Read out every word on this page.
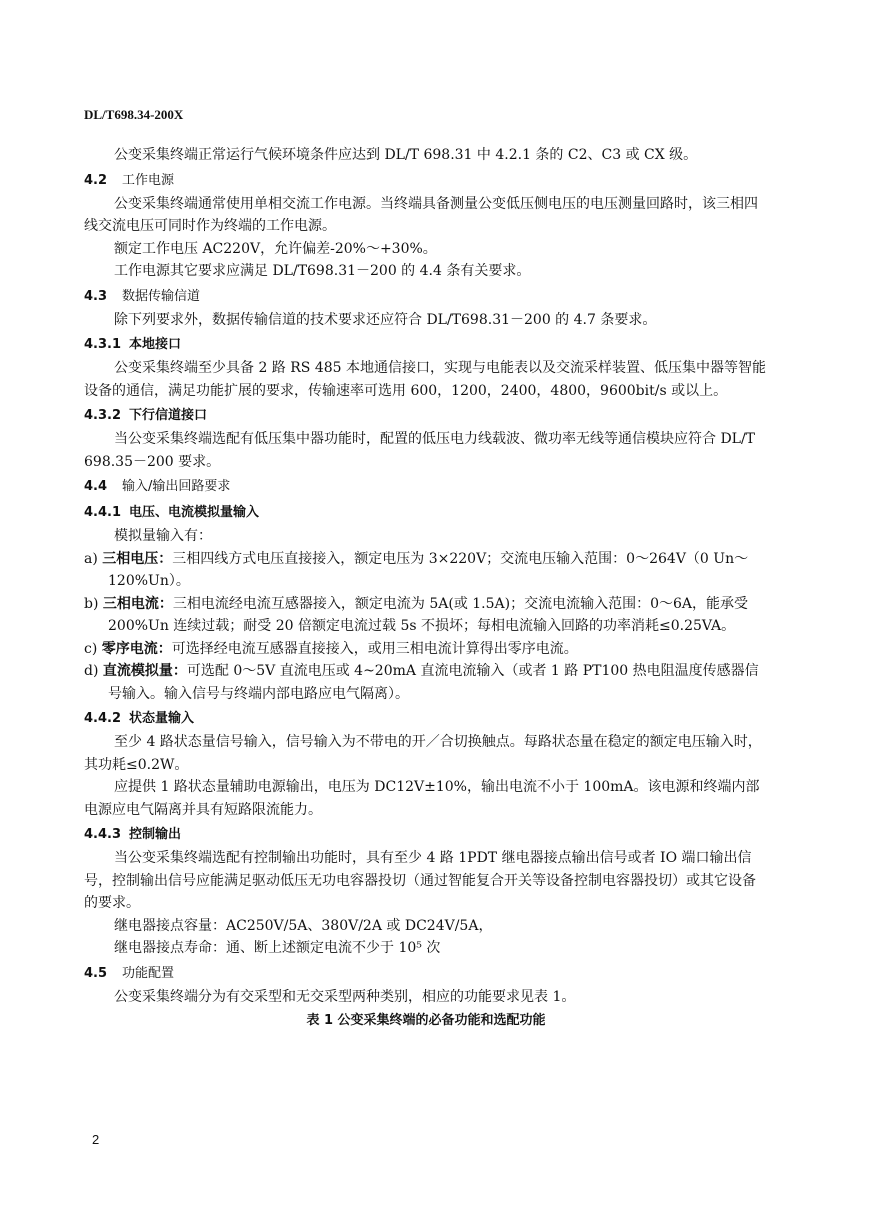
DL/T698.34-200X

公变采集终端正常运行气候环境条件应达到 DL/T 698.31 中 4.2.1 条的 C2、C3 或 CX 级。

4.2 工作电源

公变采集终端通常使用单相交流工作电源。当终端具备测量公变低压侧电压的电压测量回路时，该三相四线交流电压可同时作为终端的工作电源。

额定工作电压 AC220V，允许偏差-20%～+30%。

工作电源其它要求应满足 DL/T698.31－200 的 4.4 条有关要求。

4.3 数据传输信道

除下列要求外，数据传输信道的技术要求还应符合 DL/T698.31－200 的 4.7 条要求。

4.3.1 本地接口

公变采集终端至少具备 2 路 RS 485 本地通信接口，实现与电能表以及交流采样装置、低压集中器等智能设备的通信，满足功能扩展的要求，传输速率可选用 600，1200，2400，4800，9600bit/s 或以上。

4.3.2 下行信道接口

当公变采集终端选配有低压集中器功能时，配置的低压电力线载波、微功率无线等通信模块应符合 DL/T 698.35－200 要求。

4.4 输入/输出回路要求
4.4.1 电压、电流模拟量输入

模拟量输入有：

a) 三相电压：三相四线方式电压直接接入，额定电压为 3×220V；交流电压输入范围：0～264V（0 Un～120%Un）。

b) 三相电流：三相电流经电流互感器接入，额定电流为 5A(或 1.5A)；交流电流输入范围：0～6A，能承受 200%Un 连续过载；耐受 20 倍额定电流过载 5s 不损坏；每相电流输入回路的功率消耗≤0.25VA。

c) 零序电流：可选择经电流互感器直接接入，或用三相电流计算得出零序电流。

d) 直流模拟量：可选配 0～5V 直流电压或 4~20mA 直流电流输入（或者 1 路 PT100 热电阻温度传感器信号输入。输入信号与终端内部电路应电气隔离）。

4.4.2 状态量输入

至少 4 路状态量信号输入，信号输入为不带电的开／合切换触点。每路状态量在稳定的额定电压输入时，其功耗≤0.2W。

应提供 1 路状态量辅助电源输出，电压为 DC12V±10%，输出电流不小于 100mA。该电源和终端内部电源应电气隔离并具有短路限流能力。

4.4.3 控制输出

当公变采集终端选配有控制输出功能时，具有至少 4 路 1PDT 继电器接点输出信号或者 IO 端口输出信号，控制输出信号应能满足驱动低压无功电容器投切（通过智能复合开关等设备控制电容器投切）或其它设备的要求。

继电器接点容量：AC250V/5A、380V/2A 或 DC24V/5A，

继电器接点寿命：通、断上述额定电流不少于 10⁵ 次

4.5 功能配置

公变采集终端分为有交采型和无交采型两种类别，相应的功能要求见表 1。

表 1 公变采集终端的必备功能和选配功能
2
